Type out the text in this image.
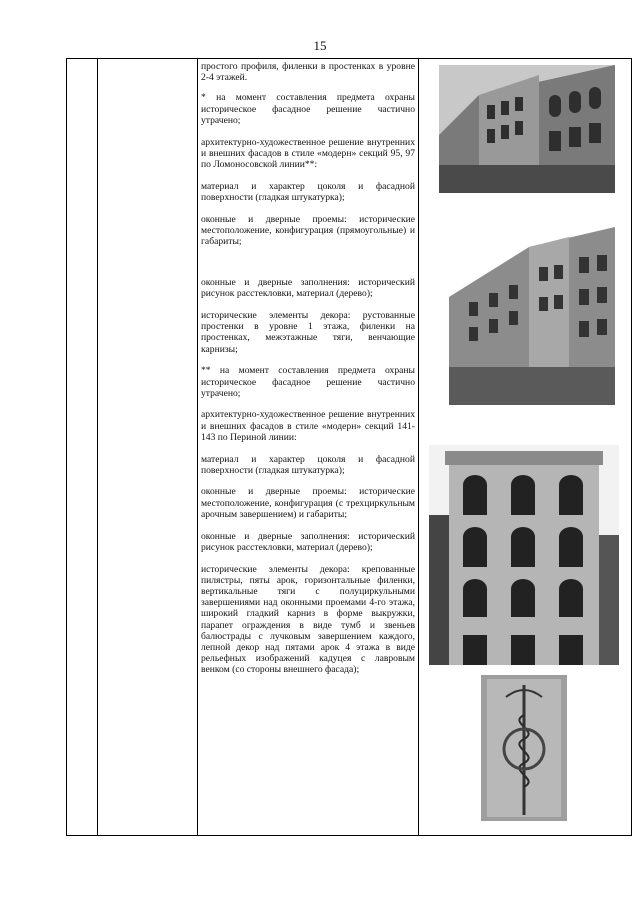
15

простого профиля, филенки в простенках в уровне 2-4 этажей.

* на момент составления предмета охраны историческое фасадное решение частично утрачено;

архитектурно-художественное решение внутренних и внешних фасадов в стиле «модерн» секций 95, 97 по Ломоносовской линии**:

материал и характер цоколя и фасадной поверхности (гладкая штукатурка);

оконные и дверные проемы: исторические местоположение, конфигурация (прямоугольные) и габариты;

оконные и дверные заполнения: исторический рисунок расстекловки, материал (дерево);

исторические элементы декора: рустованные простенки в уровне 1 этажа, филенки на простенках, межэтажные тяги, венчающие карнизы;

** на момент составления предмета охраны историческое фасадное решение частично утрачено;

архитектурно-художественное решение внутренних и внешних фасадов в стиле «модерн» секций 141-143 по Периной линии:

материал и характер цоколя и фасадной поверхности (гладкая штукатурка);

оконные и дверные проемы: исторические местоположение, конфигурация (с трехциркульным арочным завершением) и габариты;

оконные и дверные заполнения: исторический рисунок расстекловки, материал (дерево);

исторические элементы декора: крепованные пилястры, пяты арок, горизонтальные филенки, вертикальные тяги с полуциркульными завершениями над оконными проемами 4-го этажа, широкий гладкий карниз в форме выкружки, парапет ограждения в виде тумб и звеньев балюстрады с лучковым завершением каждого, лепной декор над пятами арок 4 этажа в виде рельефных изображений кадуцея с лавровым венком (со стороны внешнего фасада);
